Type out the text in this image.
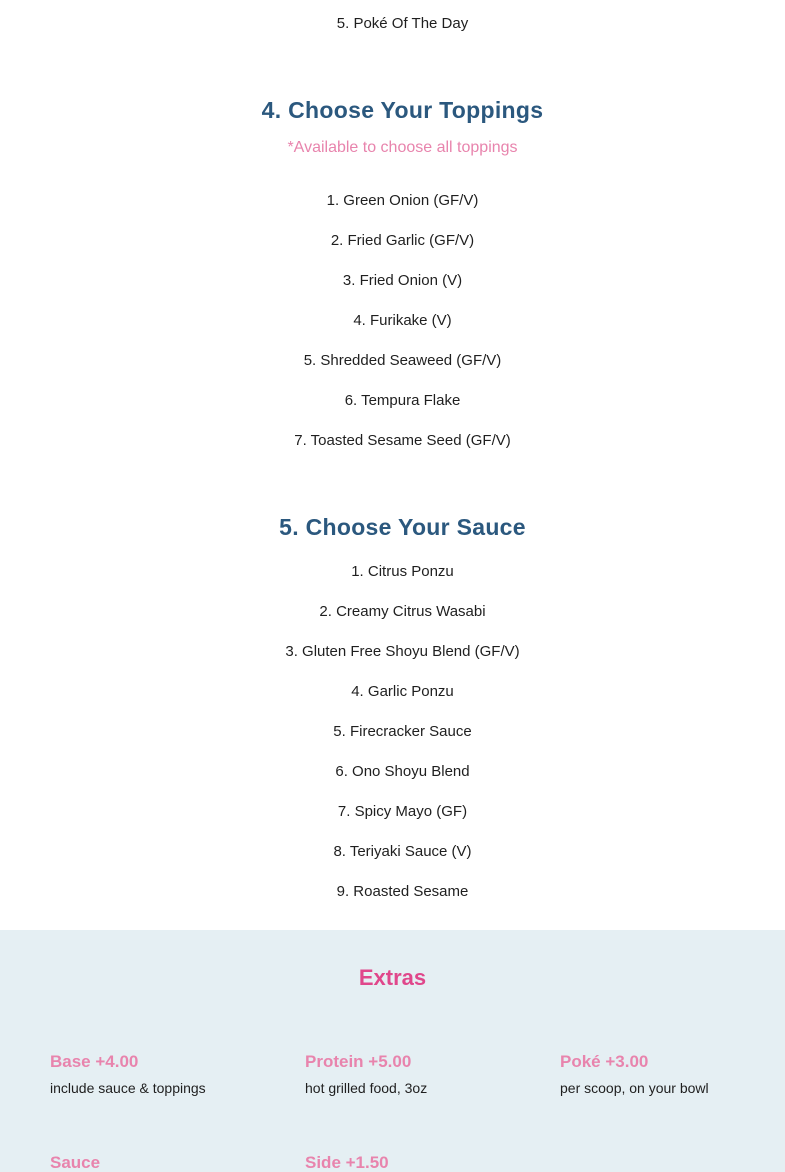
5. Poké Of The Day
4. Choose Your Toppings
*Available to choose all toppings
1. Green Onion (GF/V)
2. Fried Garlic (GF/V)
3. Fried Onion (V)
4. Furikake (V)
5. Shredded Seaweed (GF/V)
6. Tempura Flake
7. Toasted Sesame Seed (GF/V)
5. Choose Your Sauce
1. Citrus Ponzu
2. Creamy Citrus Wasabi
3. Gluten Free Shoyu Blend (GF/V)
4. Garlic Ponzu
5. Firecracker Sauce
6. Ono Shoyu Blend
7. Spicy Mayo (GF)
8. Teriyaki Sauce (V)
9. Roasted Sesame
Extras
Base +4.00
include sauce & toppings
Protein +5.00
hot grilled food, 3oz
Poké +3.00
per scoop, on your bowl
Sauce	Side +1.50
